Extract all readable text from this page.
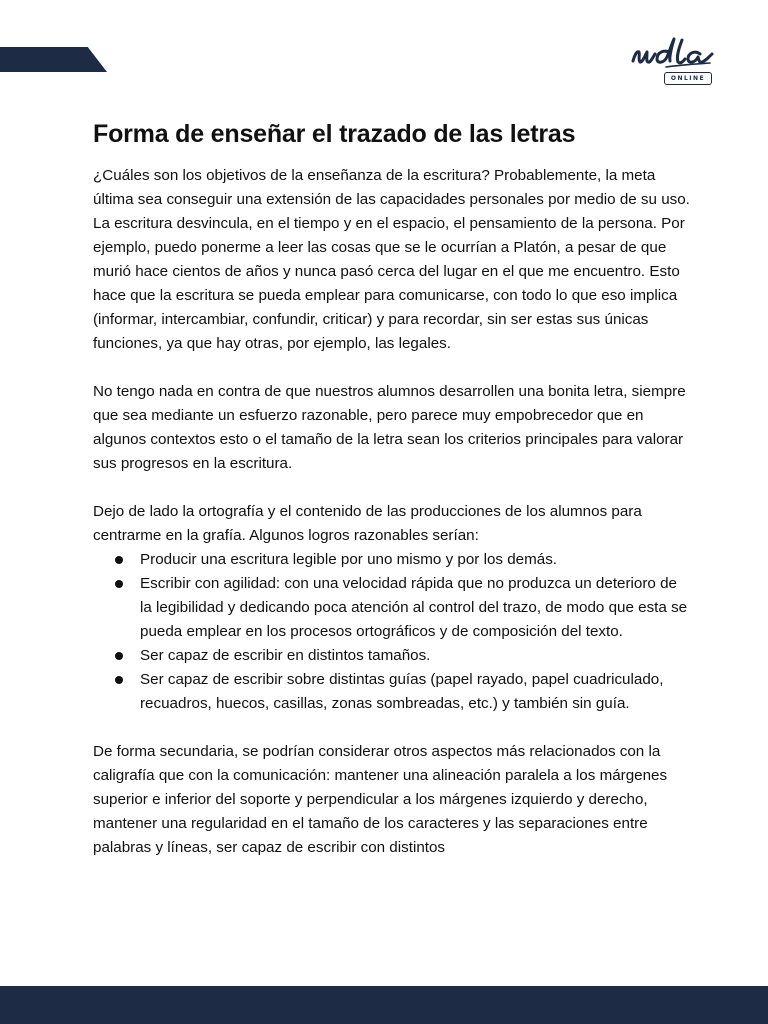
ONLINE
Forma de enseñar el trazado de las letras

¿Cuáles son los objetivos de la enseñanza de la escritura? Probablemente, la meta última sea conseguir una extensión de las capacidades personales por medio de su uso. La escritura desvincula, en el tiempo y en el espacio, el pensamiento de la persona. Por ejemplo, puedo ponerme a leer las cosas que se le ocurrían a Platón, a pesar de que murió hace cientos de años y nunca pasó cerca del lugar en el que me encuentro. Esto hace que la escritura se pueda emplear para comunicarse, con todo lo que eso implica (informar, intercambiar, confundir, criticar) y para recordar, sin ser estas sus únicas funciones, ya que hay otras, por ejemplo, las legales.

No tengo nada en contra de que nuestros alumnos desarrollen una bonita letra, siempre que sea mediante un esfuerzo razonable, pero parece muy empobrecedor que en algunos contextos esto o el tamaño de la letra sean los criterios principales para valorar sus progresos en la escritura.

Dejo de lado la ortografía y el contenido de las producciones de los alumnos para centrarme en la grafía. Algunos logros razonables serían:

Producir una escritura legible por uno mismo y por los demás.
Escribir con agilidad: con una velocidad rápida que no produzca un deterioro de la legibilidad y dedicando poca atención al control del trazo, de modo que esta se pueda emplear en los procesos ortográficos y de composición del texto.
Ser capaz de escribir en distintos tamaños.
Ser capaz de escribir sobre distintas guías (papel rayado, papel cuadriculado, recuadros, huecos, casillas, zonas sombreadas, etc.) y también sin guía.

De forma secundaria, se podrían considerar otros aspectos más relacionados con la caligrafía que con la comunicación: mantener una alineación paralela a los márgenes superior e inferior del soporte y perpendicular a los márgenes izquierdo y derecho, mantener una regularidad en el tamaño de los caracteres y las separaciones entre palabras y líneas, ser capaz de escribir con distintos
